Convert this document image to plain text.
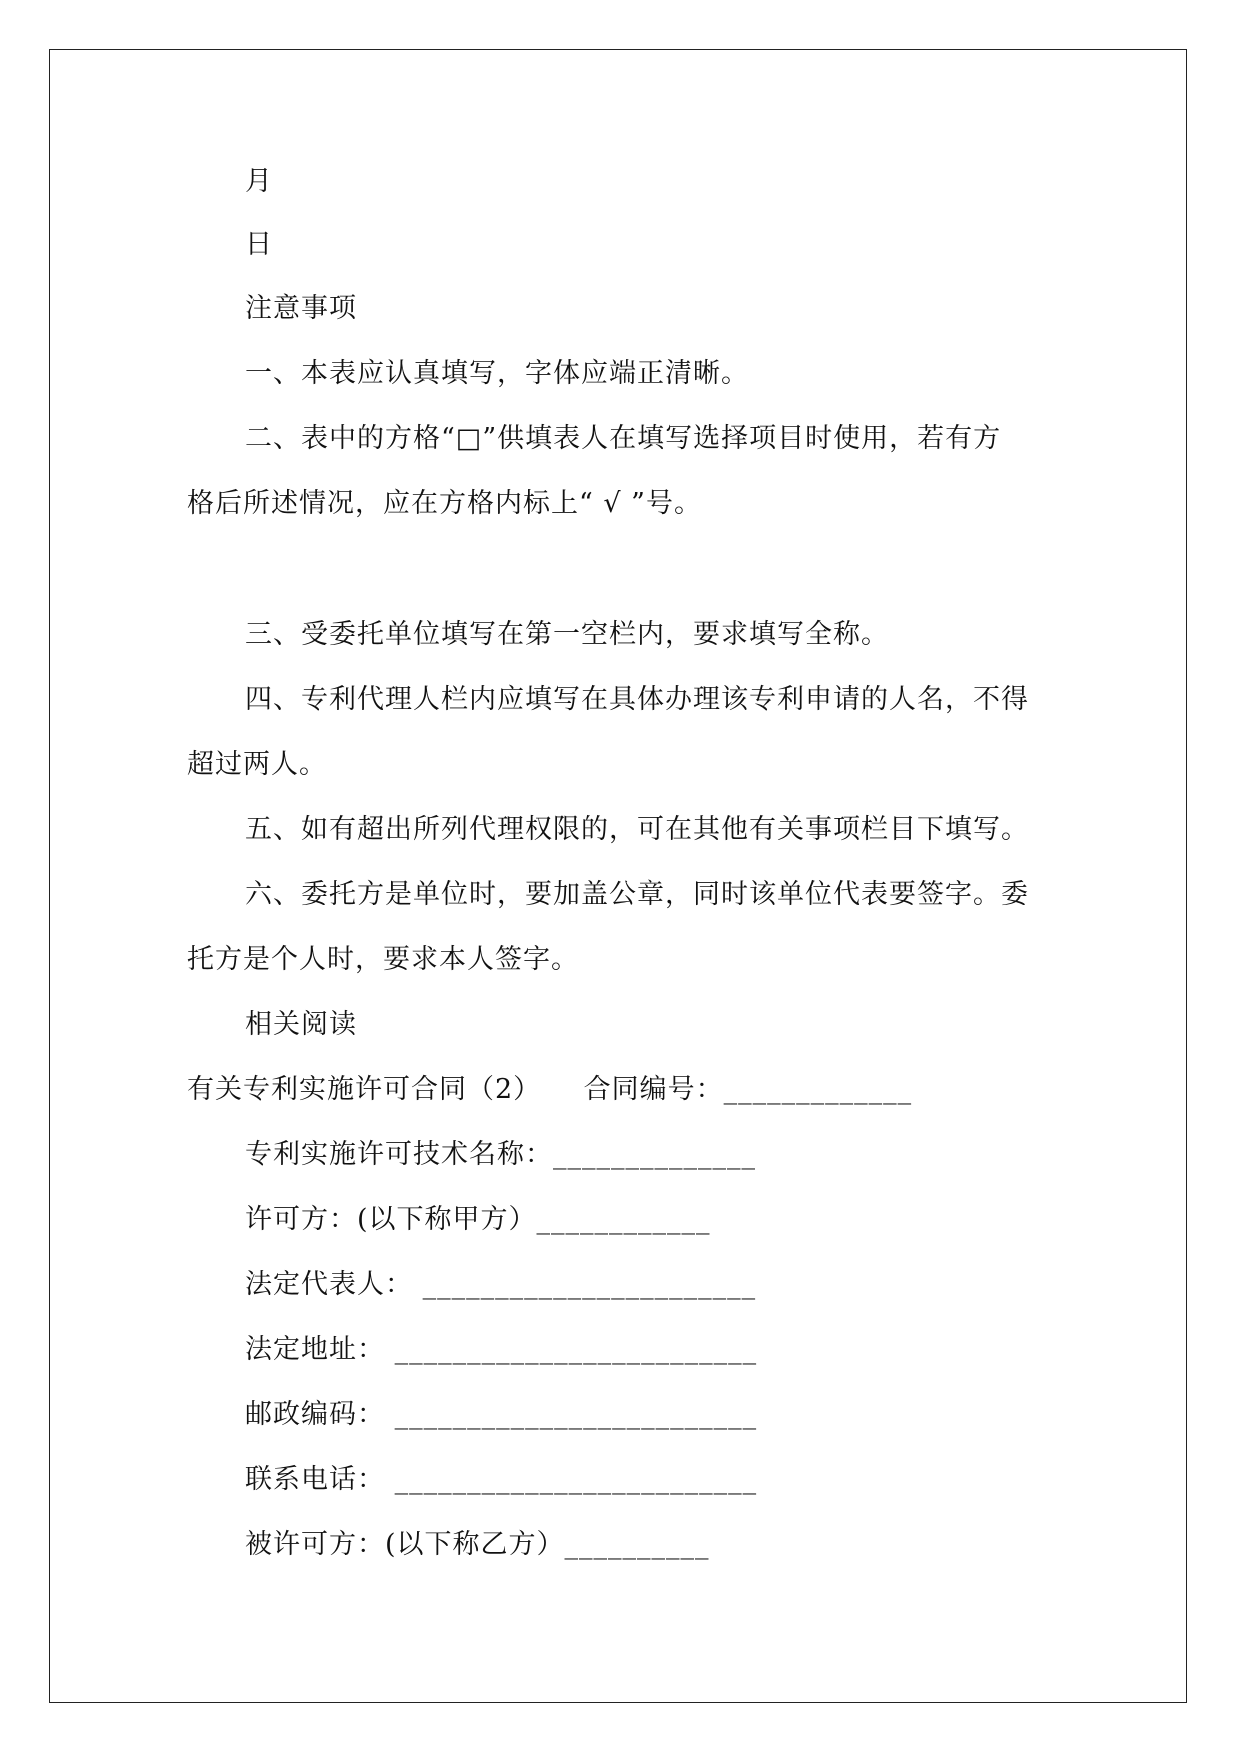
月
日
注意事项
一、本表应认真填写，字体应端正清晰。
二、表中的方格“□”供填表人在填写选择项目时使用，若有方
格后所述情况，应在方格内标上“ √ ”号。
三、受委托单位填写在第一空栏内，要求填写全称。
四、专利代理人栏内应填写在具体办理该专利申请的人名，不得
超过两人。
五、如有超出所列代理权限的，可在其他有关事项栏目下填写。
六、委托方是单位时，要加盖公章，同时该单位代表要签字。委
托方是个人时，要求本人签字。
相关阅读
有关专利实施许可合同（2）　　合同编号：_____________
专利实施许可技术名称：______________
许可方：(以下称甲方）____________
法定代表人： _______________________
法定地址： _________________________
邮政编码： _________________________
联系电话： _________________________
被许可方：(以下称乙方）__________
